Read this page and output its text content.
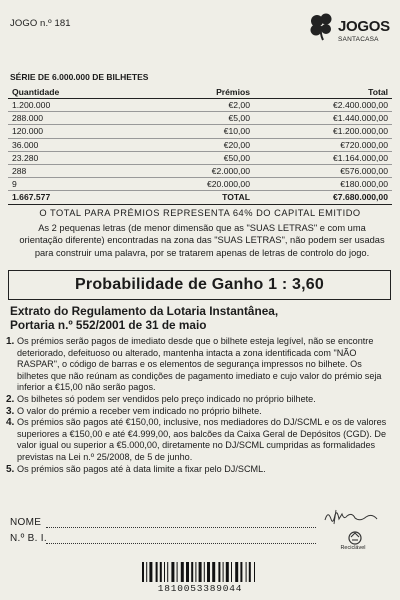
JOGO n.º 181	JOGOS
SANTACASA
SÉRIE DE 6.000.000 DE BILHETES
Quantidade	Prémios	Total
1.200.000	€2,00	€2.400.000,00
288.000	€5,00	€1.440.000,00
120.000	€10,00	€1.200.000,00
36.000	€20,00	€720.000,00
23.280	€50,00	€1.164.000,00
288	€2.000,00	€576.000,00
9	€20.000,00	€180.000,00
1.667.577	TOTAL	€7.680.000,00
O TOTAL PARA PRÉMIOS REPRESENTA 64% DO CAPITAL EMITIDO
As 2 pequenas letras (de menor dimensão que as "SUAS LETRAS" e com uma orientação diferente) encontradas na zona das "SUAS LETRAS", não podem ser usadas para construir uma palavra, por se tratarem apenas de letras de controlo do jogo.
Probabilidade de Ganho 1 : 3,60
Extrato do Regulamento da Lotaria Instantânea,
Portaria n.º 552/2001 de 31 de maio
1. Os prémios serão pagos de imediato desde que o bilhete esteja legível, não se encontre deteriorado, defeituoso ou alterado, mantenha intacta a zona identificada com "NÃO RASPAR", o código de barras e os elementos de segurança impressos no bilhete. Os bilhetes que não reúnam as condições de pagamento imediato e cujo valor do prémio seja inferior a €15,00 não serão pagos.
2. Os bilhetes só podem ser vendidos pelo preço indicado no próprio bilhete.
3. O valor do prémio a receber vem indicado no próprio bilhete.
4. Os prémios são pagos até €150,00, inclusive, nos mediadores do DJ/SCML e os de valores superiores a €150,00 e até €4.999,00, aos balcões da Caixa Geral de Depósitos (CGD). De valor igual ou superior a €5.000,00, diretamente no DJ/SCML cumpridas as formalidades previstas na Lei n.º 25/2008, de 5 de junho.
5. Os prémios são pagos até à data limite a fixar pelo DJ/SCML.
NOME
N.º B. I.
Reciclável
1810053389044
